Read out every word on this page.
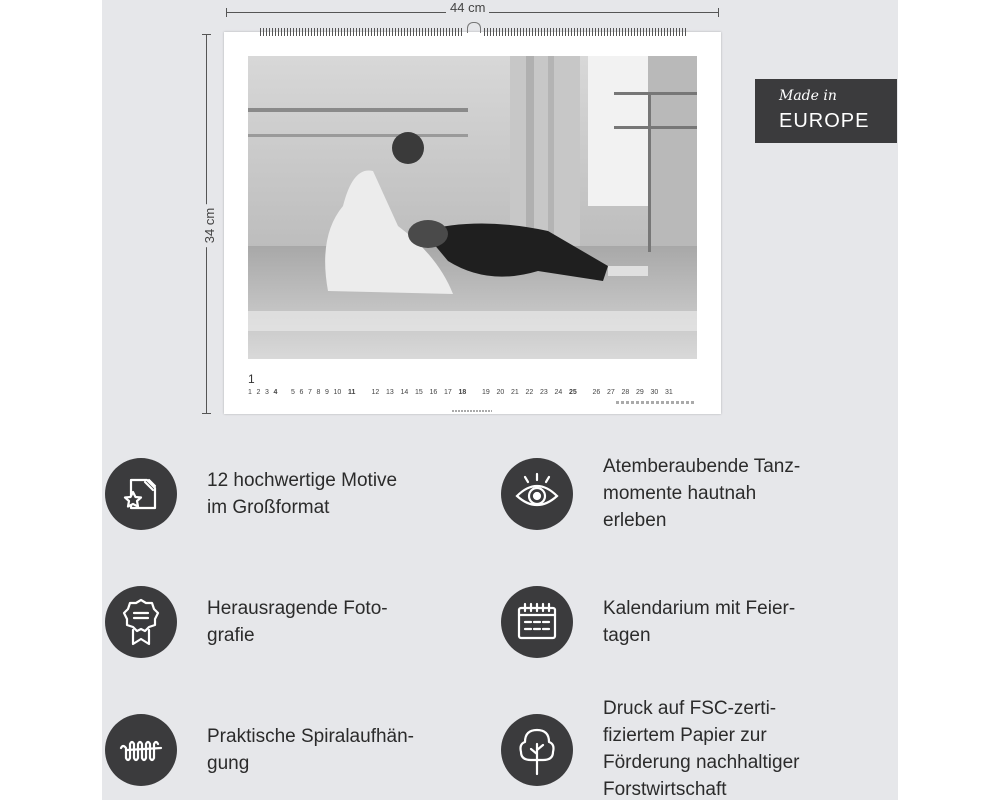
44 cm
34 cm
1
1 2 3 4 5 6 7 8 9 10 11 12 13 14 15 16 17 18 19 20 21 22 23 24 25 26 27 28 29 30 31
Made in
EUROPE
12 hochwertige Motive
im Großformat
Atemberaubende Tanz-
momente hautnah
erleben
Herausragende Foto-
grafie
Kalendarium mit Feier-
tagen
Praktische Spiralaufhän-
gung
Druck auf FSC-zerti-
fiziertem Papier zur
Förderung nachhaltiger
Forstwirtschaft
